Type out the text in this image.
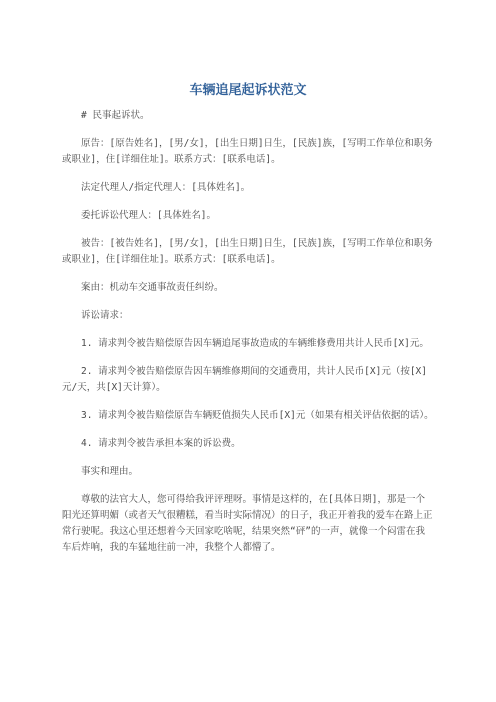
车辆追尾起诉状范文

# 民事起诉状。

原告：[原告姓名]，[男/女]，[出生日期]日生，[民族]族，[写明工作单位和职务或职业]，住[详细住址]。联系方式：[联系电话]。

法定代理人/指定代理人：[具体姓名]。

委托诉讼代理人：[具体姓名]。

被告：[被告姓名]，[男/女]，[出生日期]日生，[民族]族，[写明工作单位和职务或职业]，住[详细住址]。联系方式：[联系电话]。

案由：机动车交通事故责任纠纷。

诉讼请求：

1. 请求判令被告赔偿原告因车辆追尾事故造成的车辆维修费用共计人民币[X]元。

2. 请求判令被告赔偿原告因车辆维修期间的交通费用，共计人民币[X]元（按[X]元/天，共[X]天计算）。

3. 请求判令被告赔偿原告车辆贬值损失人民币[X]元（如果有相关评估依据的话）。

4. 请求判令被告承担本案的诉讼费。

事实和理由。

尊敬的法官大人，您可得给我评评理呀。事情是这样的，在[具体日期]，那是一个阳光还算明媚（或者天气很糟糕，看当时实际情况）的日子，我正开着我的爱车在路上正常行驶呢。我这心里还想着今天回家吃啥呢，结果突然“砰”的一声，就像一个闷雷在我车后炸响，我的车猛地往前一冲，我整个人都懵了。
